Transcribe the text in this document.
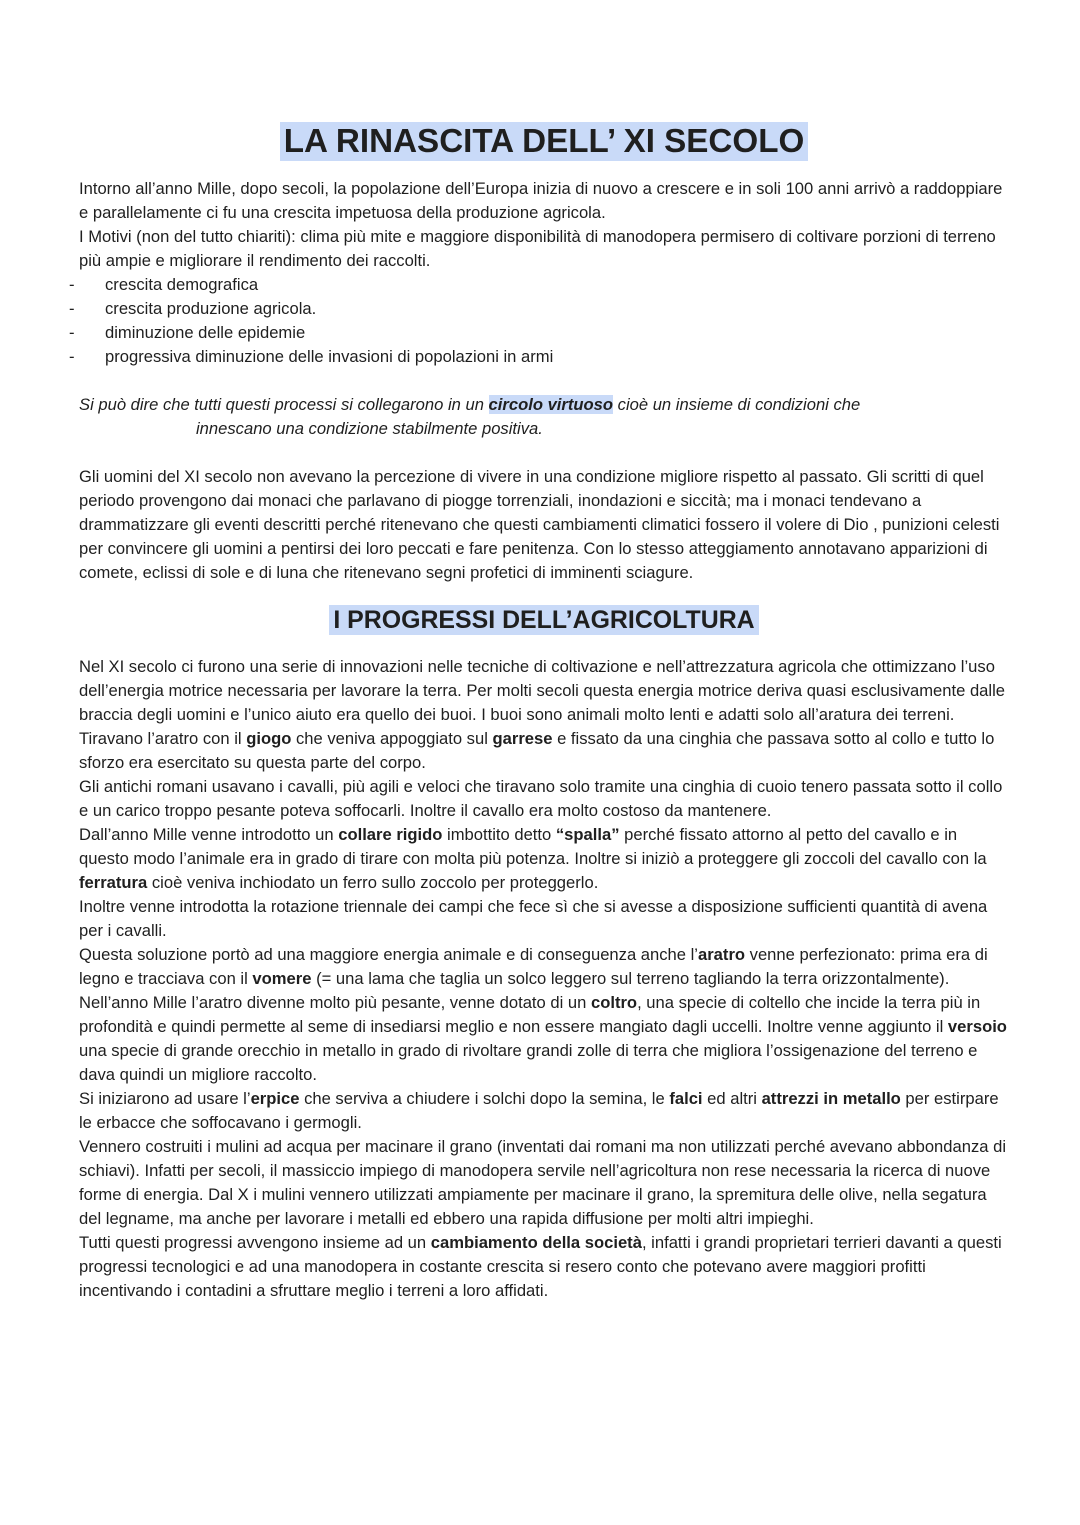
LA RINASCITA DELL’ XI SECOLO

Intorno all’anno Mille, dopo secoli, la popolazione dell’Europa inizia di nuovo a crescere e in soli 100 anni arrivò a raddoppiare e parallelamente ci fu una crescita impetuosa della produzione agricola.

I Motivi (non del tutto chiariti): clima più mite e maggiore disponibilità di manodopera permisero di coltivare porzioni di terreno più ampie e migliorare il rendimento dei raccolti.

- crescita demografica
- crescita produzione agricola.
- diminuzione delle epidemie
- progressiva diminuzione delle invasioni di popolazioni in armi

Si può dire che tutti questi processi si collegarono in un circolo virtuoso cioè un insieme di condizioni che

innescano una condizione stabilmente positiva.

Gli uomini del XI secolo non avevano la percezione di vivere in una condizione migliore rispetto al passato. Gli scritti di quel periodo provengono dai monaci che parlavano di piogge torrenziali, inondazioni e siccità; ma i monaci tendevano a drammatizzare gli eventi descritti perché ritenevano che questi cambiamenti climatici fossero il volere di Dio , punizioni celesti per convincere gli uomini a pentirsi dei loro peccati e fare penitenza. Con lo stesso atteggiamento annotavano apparizioni di comete, eclissi di sole e di luna che ritenevano segni profetici di imminenti sciagure.

I PROGRESSI DELL’AGRICOLTURA

Nel XI secolo ci furono una serie di innovazioni nelle tecniche di coltivazione e nell’attrezzatura agricola che ottimizzano l’uso dell’energia motrice necessaria per lavorare la terra. Per molti secoli questa energia motrice deriva quasi esclusivamente dalle braccia degli uomini e l’unico aiuto era quello dei buoi. I buoi sono animali molto lenti e adatti solo all’aratura dei terreni. Tiravano l’aratro con il giogo che veniva appoggiato sul garrese e fissato da una cinghia che passava sotto al collo e tutto lo sforzo era esercitato su questa parte del corpo.

Gli antichi romani usavano i cavalli, più agili e veloci che tiravano solo tramite una cinghia di cuoio tenero passata sotto il collo e un carico troppo pesante poteva soffocarli. Inoltre il cavallo era molto costoso da mantenere.

Dall’anno Mille venne introdotto un collare rigido imbottito detto “spalla” perché fissato attorno al petto del cavallo e in questo modo l’animale era in grado di tirare con molta più potenza. Inoltre si iniziò a proteggere gli zoccoli del cavallo con la ferratura cioè veniva inchiodato un ferro sullo zoccolo per proteggerlo.

Inoltre venne introdotta la rotazione triennale dei campi che fece sì che si avesse a disposizione sufficienti quantità di avena per i cavalli.

Questa soluzione portò ad una maggiore energia animale e di conseguenza anche l’aratro venne perfezionato: prima era di legno e tracciava con il vomere (= una lama che taglia un solco leggero sul terreno tagliando la terra orizzontalmente). Nell’anno Mille l’aratro divenne molto più pesante, venne dotato di un coltro, una specie di coltello che incide la terra più in profondità e quindi permette al seme di insediarsi meglio e non essere mangiato dagli uccelli. Inoltre venne aggiunto il versoio una specie di grande orecchio in metallo in grado di rivoltare grandi zolle di terra che migliora l’ossigenazione del terreno e dava quindi un migliore raccolto.

Si iniziarono ad usare l’erpice che serviva a chiudere i solchi dopo la semina, le falci ed altri attrezzi in metallo per estirpare le erbacce che soffocavano i germogli.

Vennero costruiti i mulini ad acqua per macinare il grano (inventati dai romani ma non utilizzati perché avevano abbondanza di schiavi). Infatti per secoli, il massiccio impiego di manodopera servile nell’agricoltura non rese necessaria la ricerca di nuove forme di energia. Dal X i mulini vennero utilizzati ampiamente per macinare il grano, la spremitura delle olive, nella segatura del legname, ma anche per lavorare i metalli ed ebbero una rapida diffusione per molti altri impieghi.

Tutti questi progressi avvengono insieme ad un cambiamento della società, infatti i grandi proprietari terrieri davanti a questi progressi tecnologici e ad una manodopera in costante crescita si resero conto che potevano avere maggiori profitti incentivando i contadini a sfruttare meglio i terreni a loro affidati.
